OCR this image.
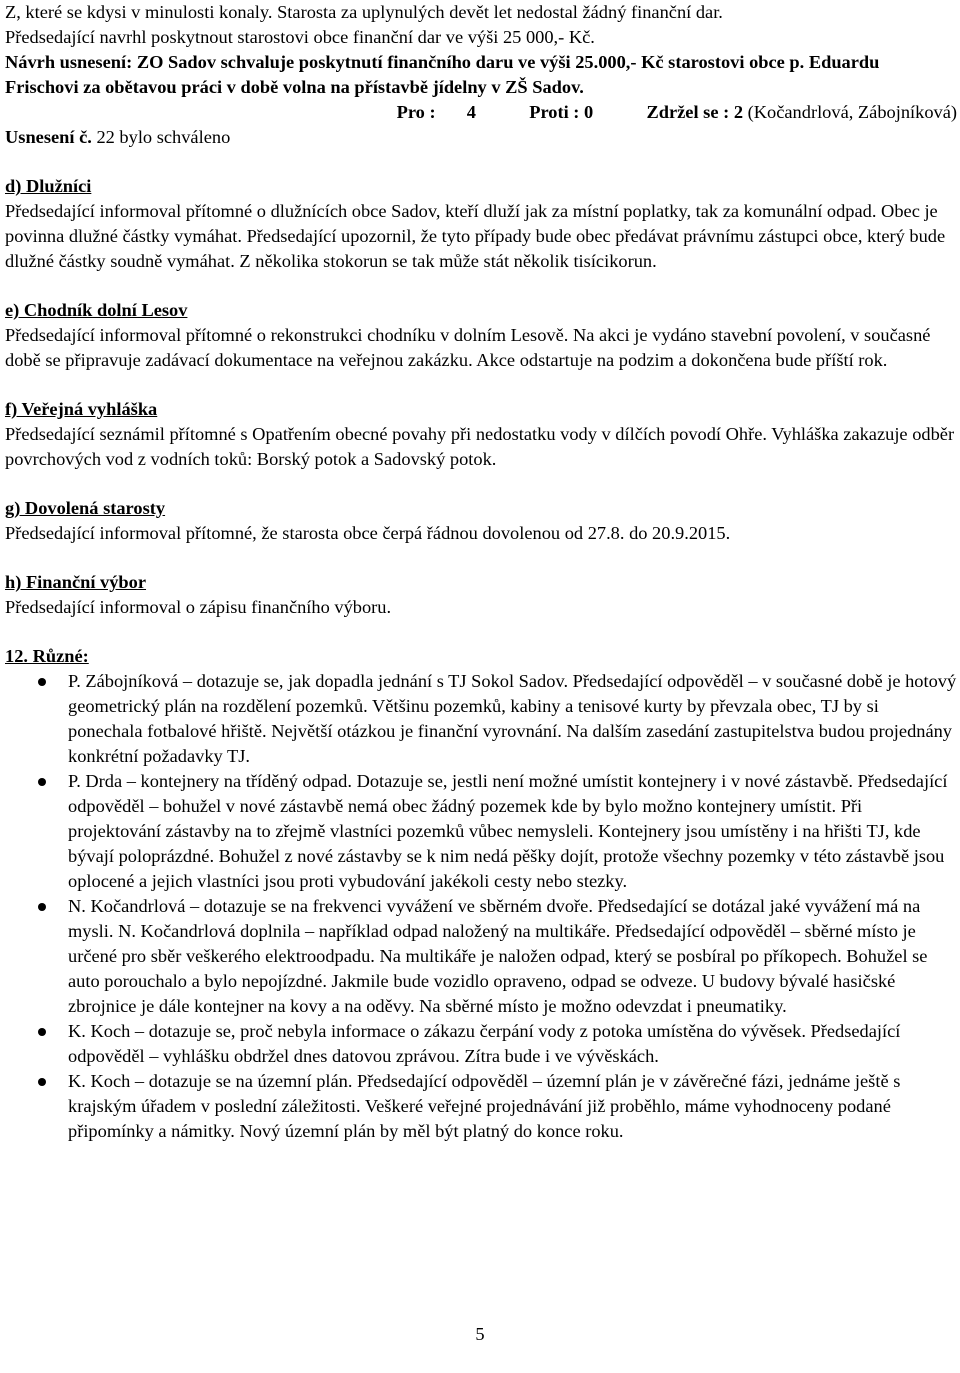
Z, které se kdysi v minulosti konaly. Starosta za uplynulých devět let nedostal žádný finanční dar.

Předsedající navrhl poskytnout starostovi obce finanční dar ve výši 25 000,- Kč.

Návrh usnesení: ZO Sadov schvaluje poskytnutí finančního daru ve výši 25.000,- Kč starostovi obce p. Eduardu Frischovi za obětavou práci v době volna na přístavbě jídelny v ZŠ Sadov.

Pro : 4	Proti : 0	Zdržel se : 2 (Kočandrlová, Zábojníková)

Usnesení č. 22 bylo schváleno

d) Dlužníci

Předsedající informoval přítomné o dlužnících obce Sadov, kteří dluží jak za místní poplatky, tak za komunální odpad. Obec je povinna dlužné částky vymáhat. Předsedající upozornil, že tyto případy bude obec předávat právnímu zástupci obce, který bude dlužné částky soudně vymáhat. Z několika stokorun se tak může stát několik tisícikorun.

e) Chodník dolní Lesov

Předsedající informoval přítomné o rekonstrukci chodníku v dolním Lesově. Na akci je vydáno stavební povolení, v současné době se připravuje zadávací dokumentace na veřejnou zakázku. Akce odstartuje na podzim a dokončena bude příští rok.

f) Veřejná vyhláška

Předsedající seznámil přítomné s Opatřením obecné povahy při nedostatku vody v dílčích povodí Ohře. Vyhláška zakazuje odběr povrchových vod z vodních toků: Borský potok a Sadovský potok.

g) Dovolená starosty

Předsedající informoval přítomné, že starosta obce čerpá řádnou dovolenou od 27.8. do 20.9.2015.

h) Finanční výbor

Předsedající informoval o zápisu finančního výboru.

12. Různé:

P. Zábojníková – dotazuje se, jak dopadla jednání s TJ Sokol Sadov. Předsedající odpověděl – v současné době je hotový geometrický plán na rozdělení pozemků. Většinu pozemků, kabiny a tenisové kurty by převzala obec, TJ by si ponechala fotbalové hřiště. Největší otázkou je finanční vyrovnání. Na dalším zasedání zastupitelstva budou projednány konkrétní požadavky TJ.
P. Drda – kontejnery na tříděný odpad. Dotazuje se, jestli není možné umístit kontejnery i v nové zástavbě. Předsedající odpověděl – bohužel v nové zástavbě nemá obec žádný pozemek kde by bylo možno kontejnery umístit. Při projektování zástavby na to zřejmě vlastníci pozemků vůbec nemysleli. Kontejnery jsou umístěny i na hřišti TJ, kde bývají poloprázdné. Bohužel z nové zástavby se k nim nedá pěšky dojít, protože všechny pozemky v této zástavbě jsou oplocené a jejich vlastníci jsou proti vybudování jakékoli cesty nebo stezky.
N. Kočandrlová – dotazuje se na frekvenci vyvážení ve sběrném dvoře. Předsedající se dotázal jaké vyvážení má na mysli. N. Kočandrlová doplnila – například odpad naložený na multikáře. Předsedající odpověděl – sběrné místo je určené pro sběr veškerého elektroodpadu. Na multikáře je naložen odpad, který se posbíral po příkopech. Bohužel se auto porouchalo a bylo nepojízdné. Jakmile bude vozidlo opraveno, odpad se odveze. U budovy bývalé hasičské zbrojnice je dále kontejner na kovy a na oděvy. Na sběrné místo je možno odevzdat i pneumatiky.
K. Koch – dotazuje se, proč nebyla informace o zákazu čerpání vody z potoka umístěna do vývěsek. Předsedající odpověděl – vyhlášku obdržel dnes datovou zprávou. Zítra bude i ve vývěskách.
K. Koch – dotazuje se na územní plán. Předsedající odpověděl – územní plán je v závěrečné fázi, jednáme ještě s krajským úřadem v poslední záležitosti. Veškeré veřejné projednávání již proběhlo, máme vyhodnoceny podané připomínky a námitky. Nový územní plán by měl být platný do konce roku.
5
